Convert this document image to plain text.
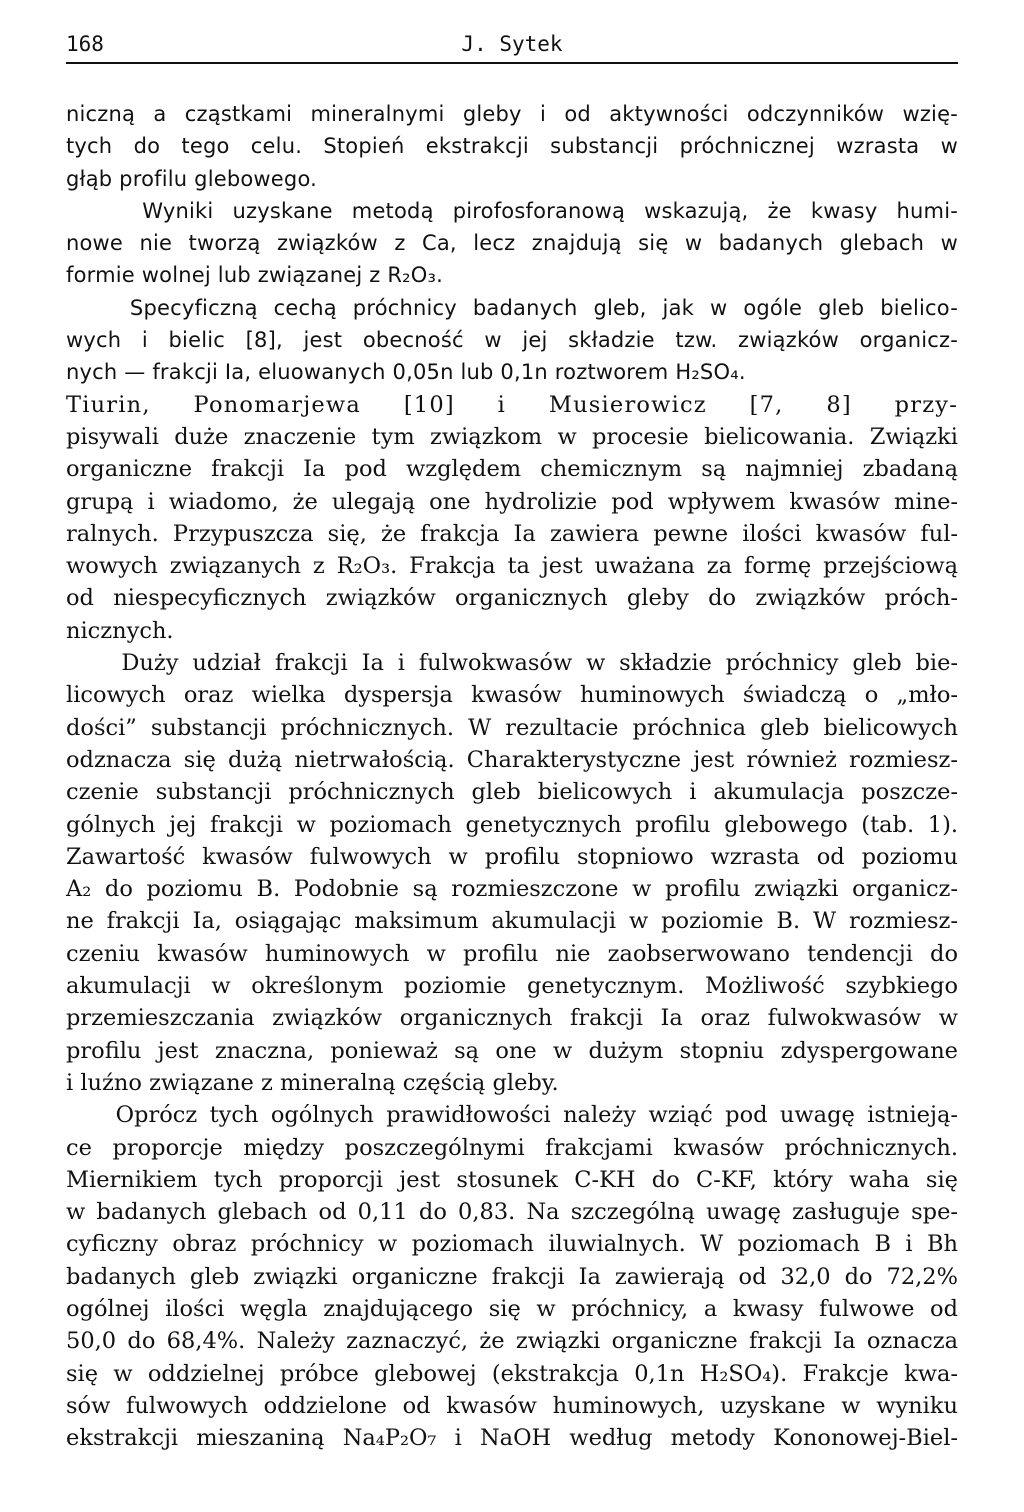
168	J. Sytek
niczną a cząstkami mineralnymi gleby i od aktywności odczynników wzię-
tych do tego celu. Stopień ekstrakcji substancji próchnicznej wzrasta w
głąb profilu glebowego.
Wyniki uzyskane metodą pirofosforanową wskazują, że kwasy humi-
nowe nie tworzą związków z Ca, lecz znajdują się w badanych glebach w
formie wolnej lub związanej z R₂O₃.
Specyficzną cechą próchnicy badanych gleb, jak w ogóle gleb bielico-
wych i bielic [8], jest obecność w jej składzie tzw. związków organicz-
nych — frakcji Ia, eluowanych 0,05n lub 0,1n roztworem H₂SO₄.
Tiurin, Ponomarjewa [10] i Musierowicz [7, 8] przy-
pisywali duże znaczenie tym związkom w procesie bielicowania. Związki
organiczne frakcji Ia pod względem chemicznym są najmniej zbadaną
grupą i wiadomo, że ulegają one hydrolizie pod wpływem kwasów mine-
ralnych. Przypuszcza się, że frakcja Ia zawiera pewne ilości kwasów ful-
wowych związanych z R₂O₃. Frakcja ta jest uważana za formę przejściową
od niespecyficznych związków organicznych gleby do związków próch-
nicznych.
Duży udział frakcji Ia i fulwokwasów w składzie próchnicy gleb bie-
licowych oraz wielka dyspersja kwasów huminowych świadczą o „mło-
dości” substancji próchnicznych. W rezultacie próchnica gleb bielicowych
odznacza się dużą nietrwałością. Charakterystyczne jest również rozmiesz-
czenie substancji próchnicznych gleb bielicowych i akumulacja poszcze-
gólnych jej frakcji w poziomach genetycznych profilu glebowego (tab. 1).
Zawartość kwasów fulwowych w profilu stopniowo wzrasta od poziomu
A₂ do poziomu B. Podobnie są rozmieszczone w profilu związki organicz-
ne frakcji Ia, osiągając maksimum akumulacji w poziomie B. W rozmiesz-
czeniu kwasów huminowych w profilu nie zaobserwowano tendencji do
akumulacji w określonym poziomie genetycznym. Możliwość szybkiego
przemieszczania związków organicznych frakcji Ia oraz fulwokwasów w
profilu jest znaczna, ponieważ są one w dużym stopniu zdyspergowane
i luźno związane z mineralną częścią gleby.
Oprócz tych ogólnych prawidłowości należy wziąć pod uwagę istnieją-
ce proporcje między poszczególnymi frakcjami kwasów próchnicznych.
Miernikiem tych proporcji jest stosunek C-KH do C-KF, który waha się
w badanych glebach od 0,11 do 0,83. Na szczególną uwagę zasługuje spe-
cyficzny obraz próchnicy w poziomach iluwialnych. W poziomach B i Bh
badanych gleb związki organiczne frakcji Ia zawierają od 32,0 do 72,2%
ogólnej ilości węgla znajdującego się w próchnicy, a kwasy fulwowe od
50,0 do 68,4%. Należy zaznaczyć, że związki organiczne frakcji Ia oznacza
się w oddzielnej próbce glebowej (ekstrakcja 0,1n H₂SO₄). Frakcje kwa-
sów fulwowych oddzielone od kwasów huminowych, uzyskane w wyniku
ekstrakcji mieszaniną Na₄P₂O₇ i NaOH według metody Kononowej-Biel-
